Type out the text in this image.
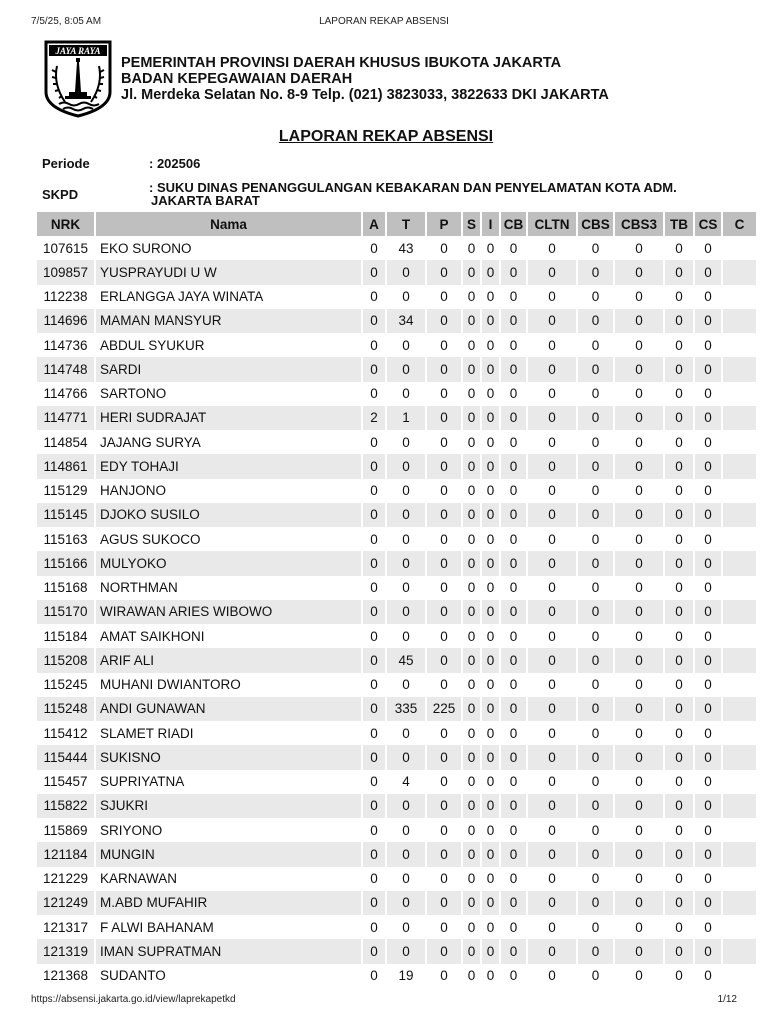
7/5/25, 8:05 AM	LAPORAN REKAP ABSENSI
JAYA RAYA
PEMERINTAH PROVINSI DAERAH KHUSUS IBUKOTA JAKARTA
BADAN KEPEGAWAIAN DAERAH
Jl. Merdeka Selatan No. 8-9 Telp. (021) 3823033, 3822633 DKI JAKARTA
LAPORAN REKAP ABSENSI
Periode	: 202506
SKPD	: SUKU DINAS PENANGGULANGAN KEBAKARAN DAN PENYELAMATAN KOTA ADM.
JAKARTA BARAT
NRK	Nama	A	T	P	S	I	CB	CLTN	CBS	CBS3	TB	CS	C
107615	EKO SURONO	0	43	0	0	0	0	0	0	0	0	0	
109857	YUSPRAYUDI U W	0	0	0	0	0	0	0	0	0	0	0	
112238	ERLANGGA JAYA WINATA	0	0	0	0	0	0	0	0	0	0	0	
114696	MAMAN MANSYUR	0	34	0	0	0	0	0	0	0	0	0	
114736	ABDUL SYUKUR	0	0	0	0	0	0	0	0	0	0	0	
114748	SARDI	0	0	0	0	0	0	0	0	0	0	0	
114766	SARTONO	0	0	0	0	0	0	0	0	0	0	0	
114771	HERI SUDRAJAT	2	1	0	0	0	0	0	0	0	0	0	
114854	JAJANG SURYA	0	0	0	0	0	0	0	0	0	0	0	
114861	EDY TOHAJI	0	0	0	0	0	0	0	0	0	0	0	
115129	HANJONO	0	0	0	0	0	0	0	0	0	0	0	
115145	DJOKO SUSILO	0	0	0	0	0	0	0	0	0	0	0	
115163	AGUS SUKOCO	0	0	0	0	0	0	0	0	0	0	0	
115166	MULYOKO	0	0	0	0	0	0	0	0	0	0	0	
115168	NORTHMAN	0	0	0	0	0	0	0	0	0	0	0	
115170	WIRAWAN ARIES WIBOWO	0	0	0	0	0	0	0	0	0	0	0	
115184	AMAT SAIKHONI	0	0	0	0	0	0	0	0	0	0	0	
115208	ARIF ALI	0	45	0	0	0	0	0	0	0	0	0	
115245	MUHANI DWIANTORO	0	0	0	0	0	0	0	0	0	0	0	
115248	ANDI GUNAWAN	0	335	225	0	0	0	0	0	0	0	0	
115412	SLAMET RIADI	0	0	0	0	0	0	0	0	0	0	0	
115444	SUKISNO	0	0	0	0	0	0	0	0	0	0	0	
115457	SUPRIYATNA	0	4	0	0	0	0	0	0	0	0	0	
115822	SJUKRI	0	0	0	0	0	0	0	0	0	0	0	
115869	SRIYONO	0	0	0	0	0	0	0	0	0	0	0	
121184	MUNGIN	0	0	0	0	0	0	0	0	0	0	0	
121229	KARNAWAN	0	0	0	0	0	0	0	0	0	0	0	
121249	M.ABD MUFAHIR	0	0	0	0	0	0	0	0	0	0	0	
121317	F ALWI BAHANAM	0	0	0	0	0	0	0	0	0	0	0	
121319	IMAN SUPRATMAN	0	0	0	0	0	0	0	0	0	0	0	
121368	SUDANTO	0	19	0	0	0	0	0	0	0	0	0	
https://absensi.jakarta.go.id/view/laprekapetkd	1/12
